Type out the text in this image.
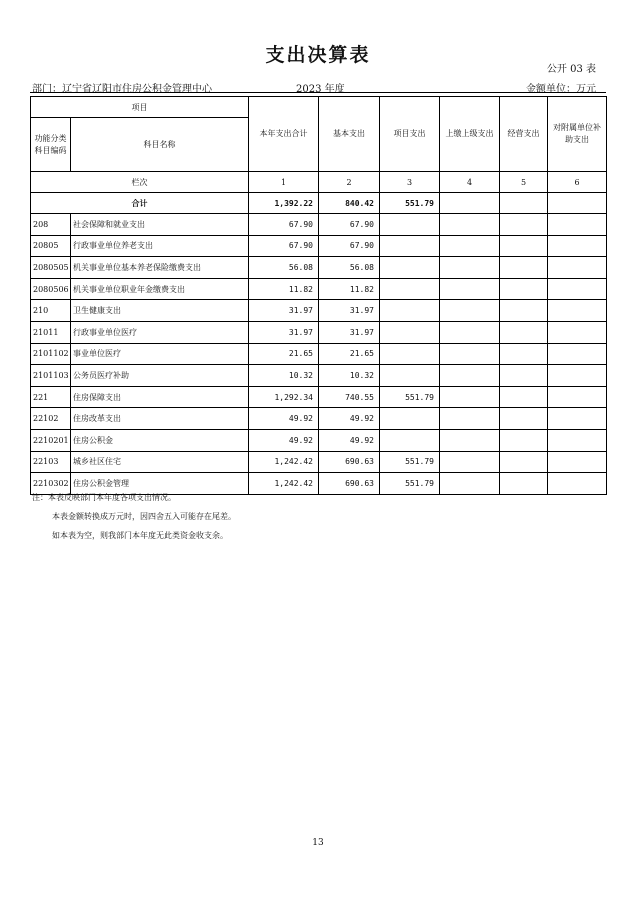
支出决算表
公开 03 表
部门：辽宁省辽阳市住房公积金管理中心	2023 年度	金额单位：万元
项目		本年支出合计	基本支出	项目支出	上缴上级支出	经营支出	对附属单位补助支出
功能分类科目编码	科目名称						
栏次		1	2	3	4	5	6
合计		1,392.22	840.42	551.79			
208	社会保障和就业支出	67.90	67.90				
20805	行政事业单位养老支出	67.90	67.90				
2080505	机关事业单位基本养老保险缴费支出	56.08	56.08				
2080506	机关事业单位职业年金缴费支出	11.82	11.82				
210	卫生健康支出	31.97	31.97				
21011	行政事业单位医疗	31.97	31.97				
2101102	事业单位医疗	21.65	21.65				
2101103	公务员医疗补助	10.32	10.32				
221	住房保障支出	1,292.34	740.55	551.79			
22102	住房改革支出	49.92	49.92				
2210201	住房公积金	49.92	49.92				
22103	城乡社区住宅	1,242.42	690.63	551.79			
2210302	住房公积金管理	1,242.42	690.63	551.79			
注：本表反映部门本年度各项支出情况。
本表金额转换成万元时，因四舍五入可能存在尾差。
如本表为空，则我部门本年度无此类资金收支余。
13
